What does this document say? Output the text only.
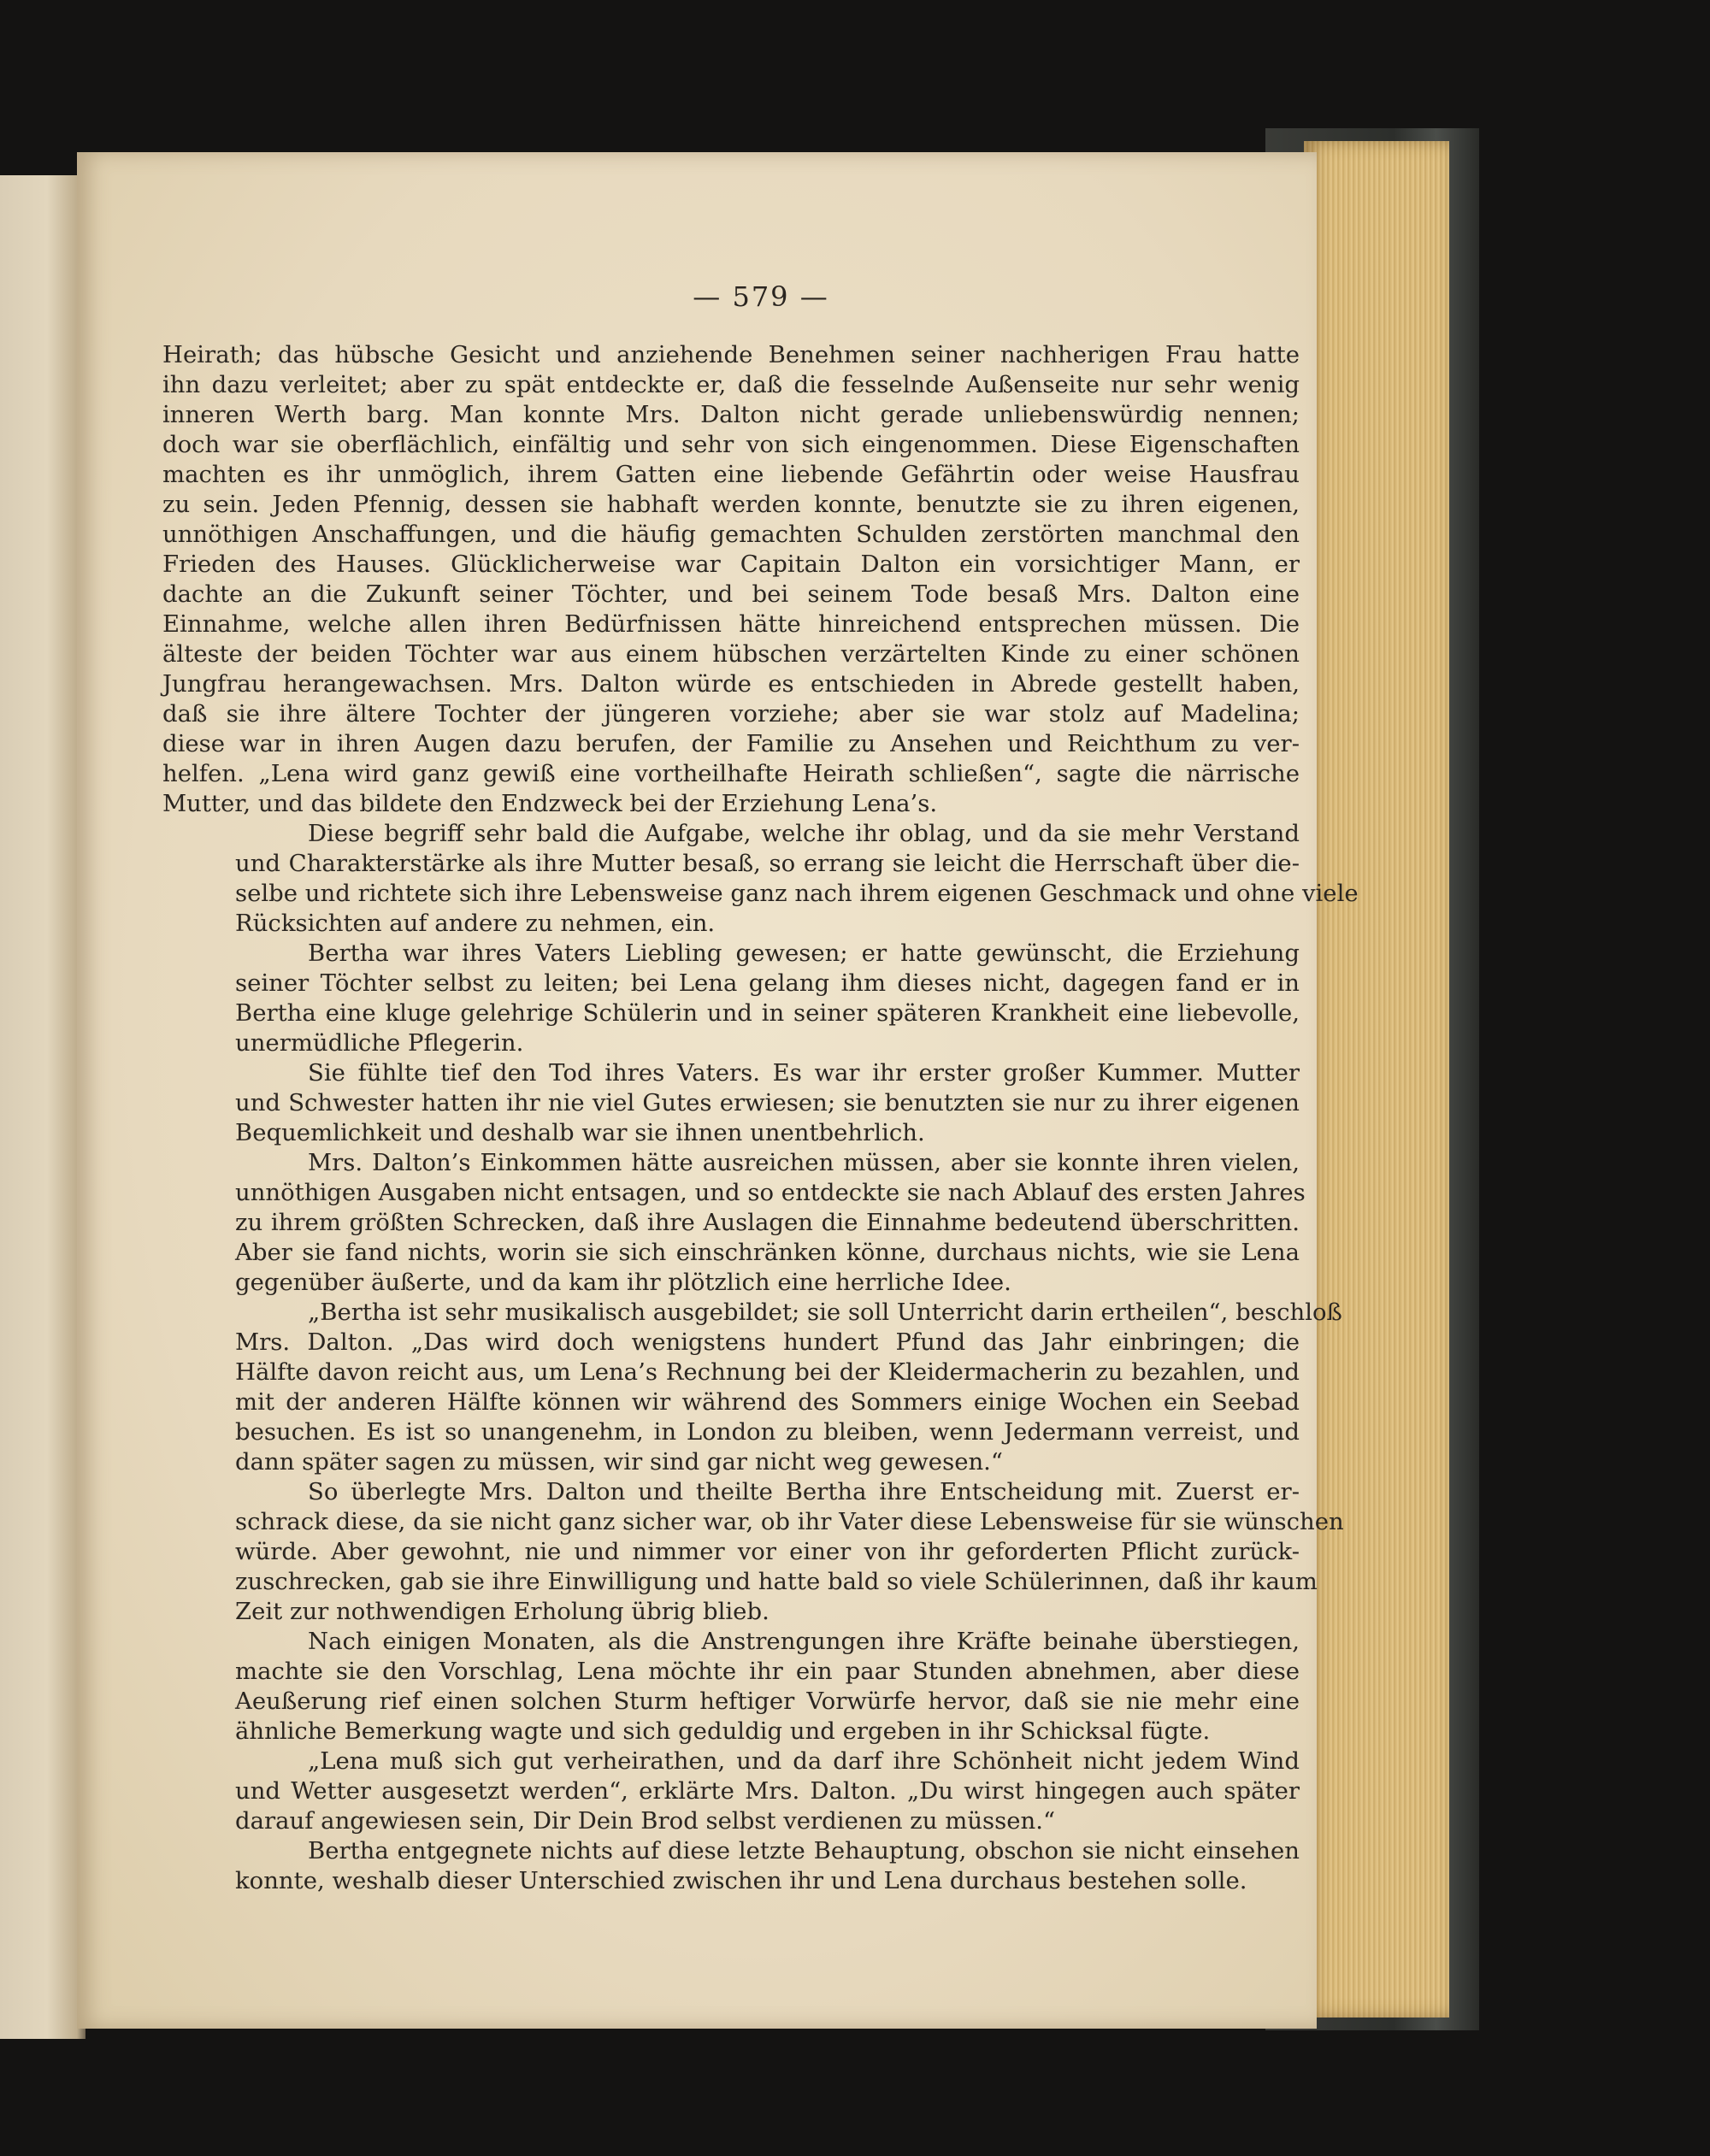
— 579 —
Heirath; das hübsche Gesicht und anziehende Benehmen seiner nachherigen Frau hatte
ihn dazu verleitet; aber zu spät entdeckte er, daß die fesselnde Außenseite nur sehr wenig
inneren Werth barg. Man konnte Mrs. Dalton nicht gerade unliebenswürdig nennen;
doch war sie oberflächlich, einfältig und sehr von sich eingenommen. Diese Eigenschaften
machten es ihr unmöglich, ihrem Gatten eine liebende Gefährtin oder weise Hausfrau
zu sein. Jeden Pfennig, dessen sie habhaft werden konnte, benutzte sie zu ihren eigenen,
unnöthigen Anschaffungen, und die häufig gemachten Schulden zerstörten manchmal den
Frieden des Hauses. Glücklicherweise war Capitain Dalton ein vorsichtiger Mann, er
dachte an die Zukunft seiner Töchter, und bei seinem Tode besaß Mrs. Dalton eine
Einnahme, welche allen ihren Bedürfnissen hätte hinreichend entsprechen müssen. Die
älteste der beiden Töchter war aus einem hübschen verzärtelten Kinde zu einer schönen
Jungfrau herangewachsen. Mrs. Dalton würde es entschieden in Abrede gestellt haben,
daß sie ihre ältere Tochter der jüngeren vorziehe; aber sie war stolz auf Madelina;
diese war in ihren Augen dazu berufen, der Familie zu Ansehen und Reichthum zu ver-
helfen. „Lena wird ganz gewiß eine vortheilhafte Heirath schließen“, sagte die närrische
Mutter, und das bildete den Endzweck bei der Erziehung Lena’s.
Diese begriff sehr bald die Aufgabe, welche ihr oblag, und da sie mehr Verstand
und Charakterstärke als ihre Mutter besaß, so errang sie leicht die Herrschaft über die-
selbe und richtete sich ihre Lebensweise ganz nach ihrem eigenen Geschmack und ohne viele
Rücksichten auf andere zu nehmen, ein.
Bertha war ihres Vaters Liebling gewesen; er hatte gewünscht, die Erziehung
seiner Töchter selbst zu leiten; bei Lena gelang ihm dieses nicht, dagegen fand er in
Bertha eine kluge gelehrige Schülerin und in seiner späteren Krankheit eine liebevolle,
unermüdliche Pflegerin.
Sie fühlte tief den Tod ihres Vaters. Es war ihr erster großer Kummer. Mutter
und Schwester hatten ihr nie viel Gutes erwiesen; sie benutzten sie nur zu ihrer eigenen
Bequemlichkeit und deshalb war sie ihnen unentbehrlich.
Mrs. Dalton’s Einkommen hätte ausreichen müssen, aber sie konnte ihren vielen,
unnöthigen Ausgaben nicht entsagen, und so entdeckte sie nach Ablauf des ersten Jahres
zu ihrem größten Schrecken, daß ihre Auslagen die Einnahme bedeutend überschritten.
Aber sie fand nichts, worin sie sich einschränken könne, durchaus nichts, wie sie Lena
gegenüber äußerte, und da kam ihr plötzlich eine herrliche Idee.
„Bertha ist sehr musikalisch ausgebildet; sie soll Unterricht darin ertheilen“, beschloß
Mrs. Dalton. „Das wird doch wenigstens hundert Pfund das Jahr einbringen; die
Hälfte davon reicht aus, um Lena’s Rechnung bei der Kleidermacherin zu bezahlen, und
mit der anderen Hälfte können wir während des Sommers einige Wochen ein Seebad
besuchen. Es ist so unangenehm, in London zu bleiben, wenn Jedermann verreist, und
dann später sagen zu müssen, wir sind gar nicht weg gewesen.“
So überlegte Mrs. Dalton und theilte Bertha ihre Entscheidung mit. Zuerst er-
schrack diese, da sie nicht ganz sicher war, ob ihr Vater diese Lebensweise für sie wünschen
würde. Aber gewohnt, nie und nimmer vor einer von ihr geforderten Pflicht zurück-
zuschrecken, gab sie ihre Einwilligung und hatte bald so viele Schülerinnen, daß ihr kaum
Zeit zur nothwendigen Erholung übrig blieb.
Nach einigen Monaten, als die Anstrengungen ihre Kräfte beinahe überstiegen,
machte sie den Vorschlag, Lena möchte ihr ein paar Stunden abnehmen, aber diese
Aeußerung rief einen solchen Sturm heftiger Vorwürfe hervor, daß sie nie mehr eine
ähnliche Bemerkung wagte und sich geduldig und ergeben in ihr Schicksal fügte.
„Lena muß sich gut verheirathen, und da darf ihre Schönheit nicht jedem Wind
und Wetter ausgesetzt werden“, erklärte Mrs. Dalton. „Du wirst hingegen auch später
darauf angewiesen sein, Dir Dein Brod selbst verdienen zu müssen.“
Bertha entgegnete nichts auf diese letzte Behauptung, obschon sie nicht einsehen
konnte, weshalb dieser Unterschied zwischen ihr und Lena durchaus bestehen solle.
